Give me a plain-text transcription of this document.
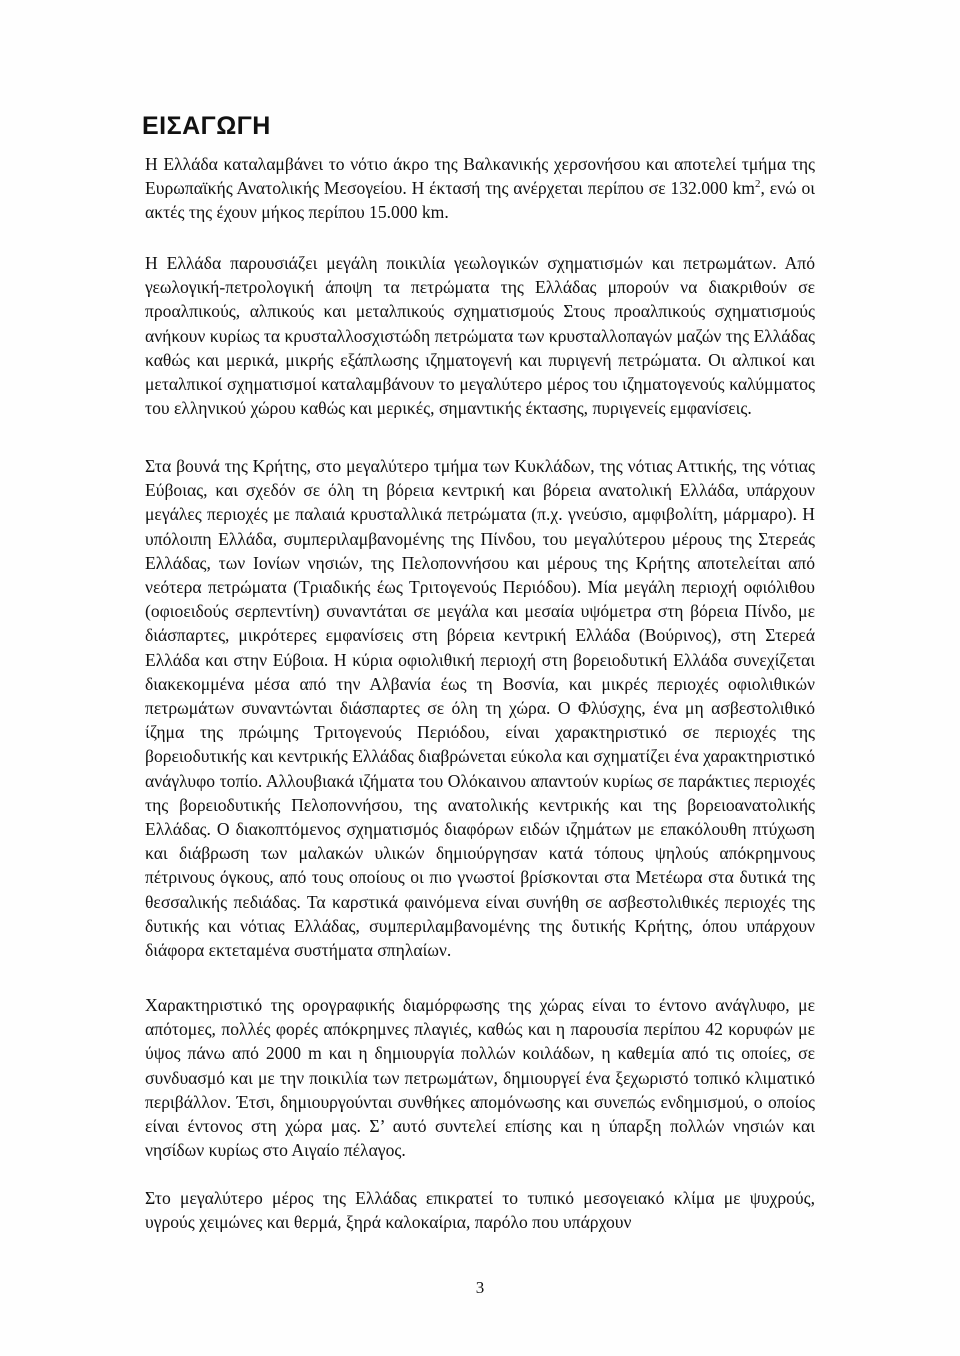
ΕΙΣΑΓΩΓΗ

Η Ελλάδα καταλαμβάνει το νότιο άκρο της Βαλκανικής χερσονήσου και αποτελεί τμήμα της Ευρωπαϊκής Ανατολικής Μεσογείου. Η έκτασή της ανέρχεται περίπου σε 132.000 $km^2$, ενώ οι ακτές της έχουν μήκος περίπου 15.000 km.

Η Ελλάδα παρουσιάζει μεγάλη ποικιλία γεωλογικών σχηματισμών και πετρωμάτων. Από γεωλογική-πετρολογική άποψη τα πετρώματα της Ελλάδας μπορούν να διακριθούν σε προαλπικούς, αλπικούς και μεταλπικούς σχηματισμούς Στους προαλπικούς σχηματισμούς ανήκουν κυρίως τα κρυσταλλοσχιστώδη πετρώματα των κρυσταλλοπαγών μαζών της Ελλάδας καθώς και μερικά, μικρής εξάπλωσης ιζηματογενή και πυριγενή πετρώματα. Οι αλπικοί και μεταλπικοί σχηματισμοί καταλαμβάνουν το μεγαλύτερο μέρος του ιζηματογενούς καλύμματος του ελληνικού χώρου καθώς και μερικές, σημαντικής έκτασης, πυριγενείς εμφανίσεις.

Στα βουνά της Κρήτης, στο μεγαλύτερο τμήμα των Κυκλάδων, της νότιας Αττικής, της νότιας Εύβοιας, και σχεδόν σε όλη τη βόρεια κεντρική και βόρεια ανατολική Ελλάδα, υπάρχουν μεγάλες περιοχές με παλαιά κρυσταλλικά πετρώματα (π.χ. γνεύσιο, αμφιβολίτη, μάρμαρο). Η υπόλοιπη Ελλάδα, συμπεριλαμβανομένης της Πίνδου, του μεγαλύτερου μέρους της Στερεάς Ελλάδας, των Ιονίων νησιών, της Πελοποννήσου και μέρους της Κρήτης αποτελείται από νεότερα πετρώματα (Τριαδικής έως Τριτογενούς Περιόδου). Μία μεγάλη περιοχή οφιόλιθου (οφιοειδούς σερπεντίνη) συναντάται σε μεγάλα και μεσαία υψόμετρα στη βόρεια Πίνδο, με διάσπαρτες, μικρότερες εμφανίσεις στη βόρεια κεντρική Ελλάδα (Βούρινος), στη Στερεά Ελλάδα και στην Εύβοια. Η κύρια οφιολιθική περιοχή στη βορειοδυτική Ελλάδα συνεχίζεται διακεκομμένα μέσα από την Αλβανία έως τη Βοσνία, και μικρές περιοχές οφιολιθικών πετρωμάτων συναντώνται διάσπαρτες σε όλη τη χώρα. Ο Φλύσχης, ένα μη ασβεστολιθικό ίζημα της πρώιμης Τριτογενούς Περιόδου, είναι χαρακτηριστικό σε περιοχές της βορειοδυτικής και κεντρικής Ελλάδας διαβρώνεται εύκολα και σχηματίζει ένα χαρακτηριστικό ανάγλυφο τοπίο. Αλλουβιακά ιζήματα του Ολόκαινου απαντούν κυρίως σε παράκτιες περιοχές της βορειοδυτικής Πελοποννήσου, της ανατολικής κεντρικής και της βορειοανατολικής Ελλάδας. Ο διακοπτόμενος σχηματισμός διαφόρων ειδών ιζημάτων με επακόλουθη πτύχωση και διάβρωση των μαλακών υλικών δημιούργησαν κατά τόπους ψηλούς απόκρημνους πέτρινους όγκους, από τους οποίους οι πιο γνωστοί βρίσκονται στα Μετέωρα στα δυτικά της θεσσαλικής πεδιάδας. Τα καρστικά φαινόμενα είναι συνήθη σε ασβεστολιθικές περιοχές της δυτικής και νότιας Ελλάδας, συμπεριλαμβανομένης της δυτικής Κρήτης, όπου υπάρχουν διάφορα εκτεταμένα συστήματα σπηλαίων.

Χαρακτηριστικό της ορογραφικής διαμόρφωσης της χώρας είναι το έντονο ανάγλυφο, με απότομες, πολλές φορές απόκρημνες πλαγιές, καθώς και η παρουσία περίπου 42 κορυφών με ύψος πάνω από 2000 m και η δημιουργία πολλών κοιλάδων, η καθεμία από τις οποίες, σε συνδυασμό και με την ποικιλία των πετρωμάτων, δημιουργεί ένα ξεχωριστό τοπικό κλιματικό περιβάλλον. Έτσι, δημιουργούνται συνθήκες απομόνωσης και συνεπώς ενδημισμού, ο οποίος είναι έντονος στη χώρα μας. Σ’ αυτό συντελεί επίσης και η ύπαρξη πολλών νησιών και νησίδων κυρίως στο Αιγαίο πέλαγος.

Στο μεγαλύτερο μέρος της Ελλάδας επικρατεί το τυπικό μεσογειακό κλίμα με ψυχρούς, υγρούς χειμώνες και θερμά, ξηρά καλοκαίρια, παρόλο που υπάρχουν

3
